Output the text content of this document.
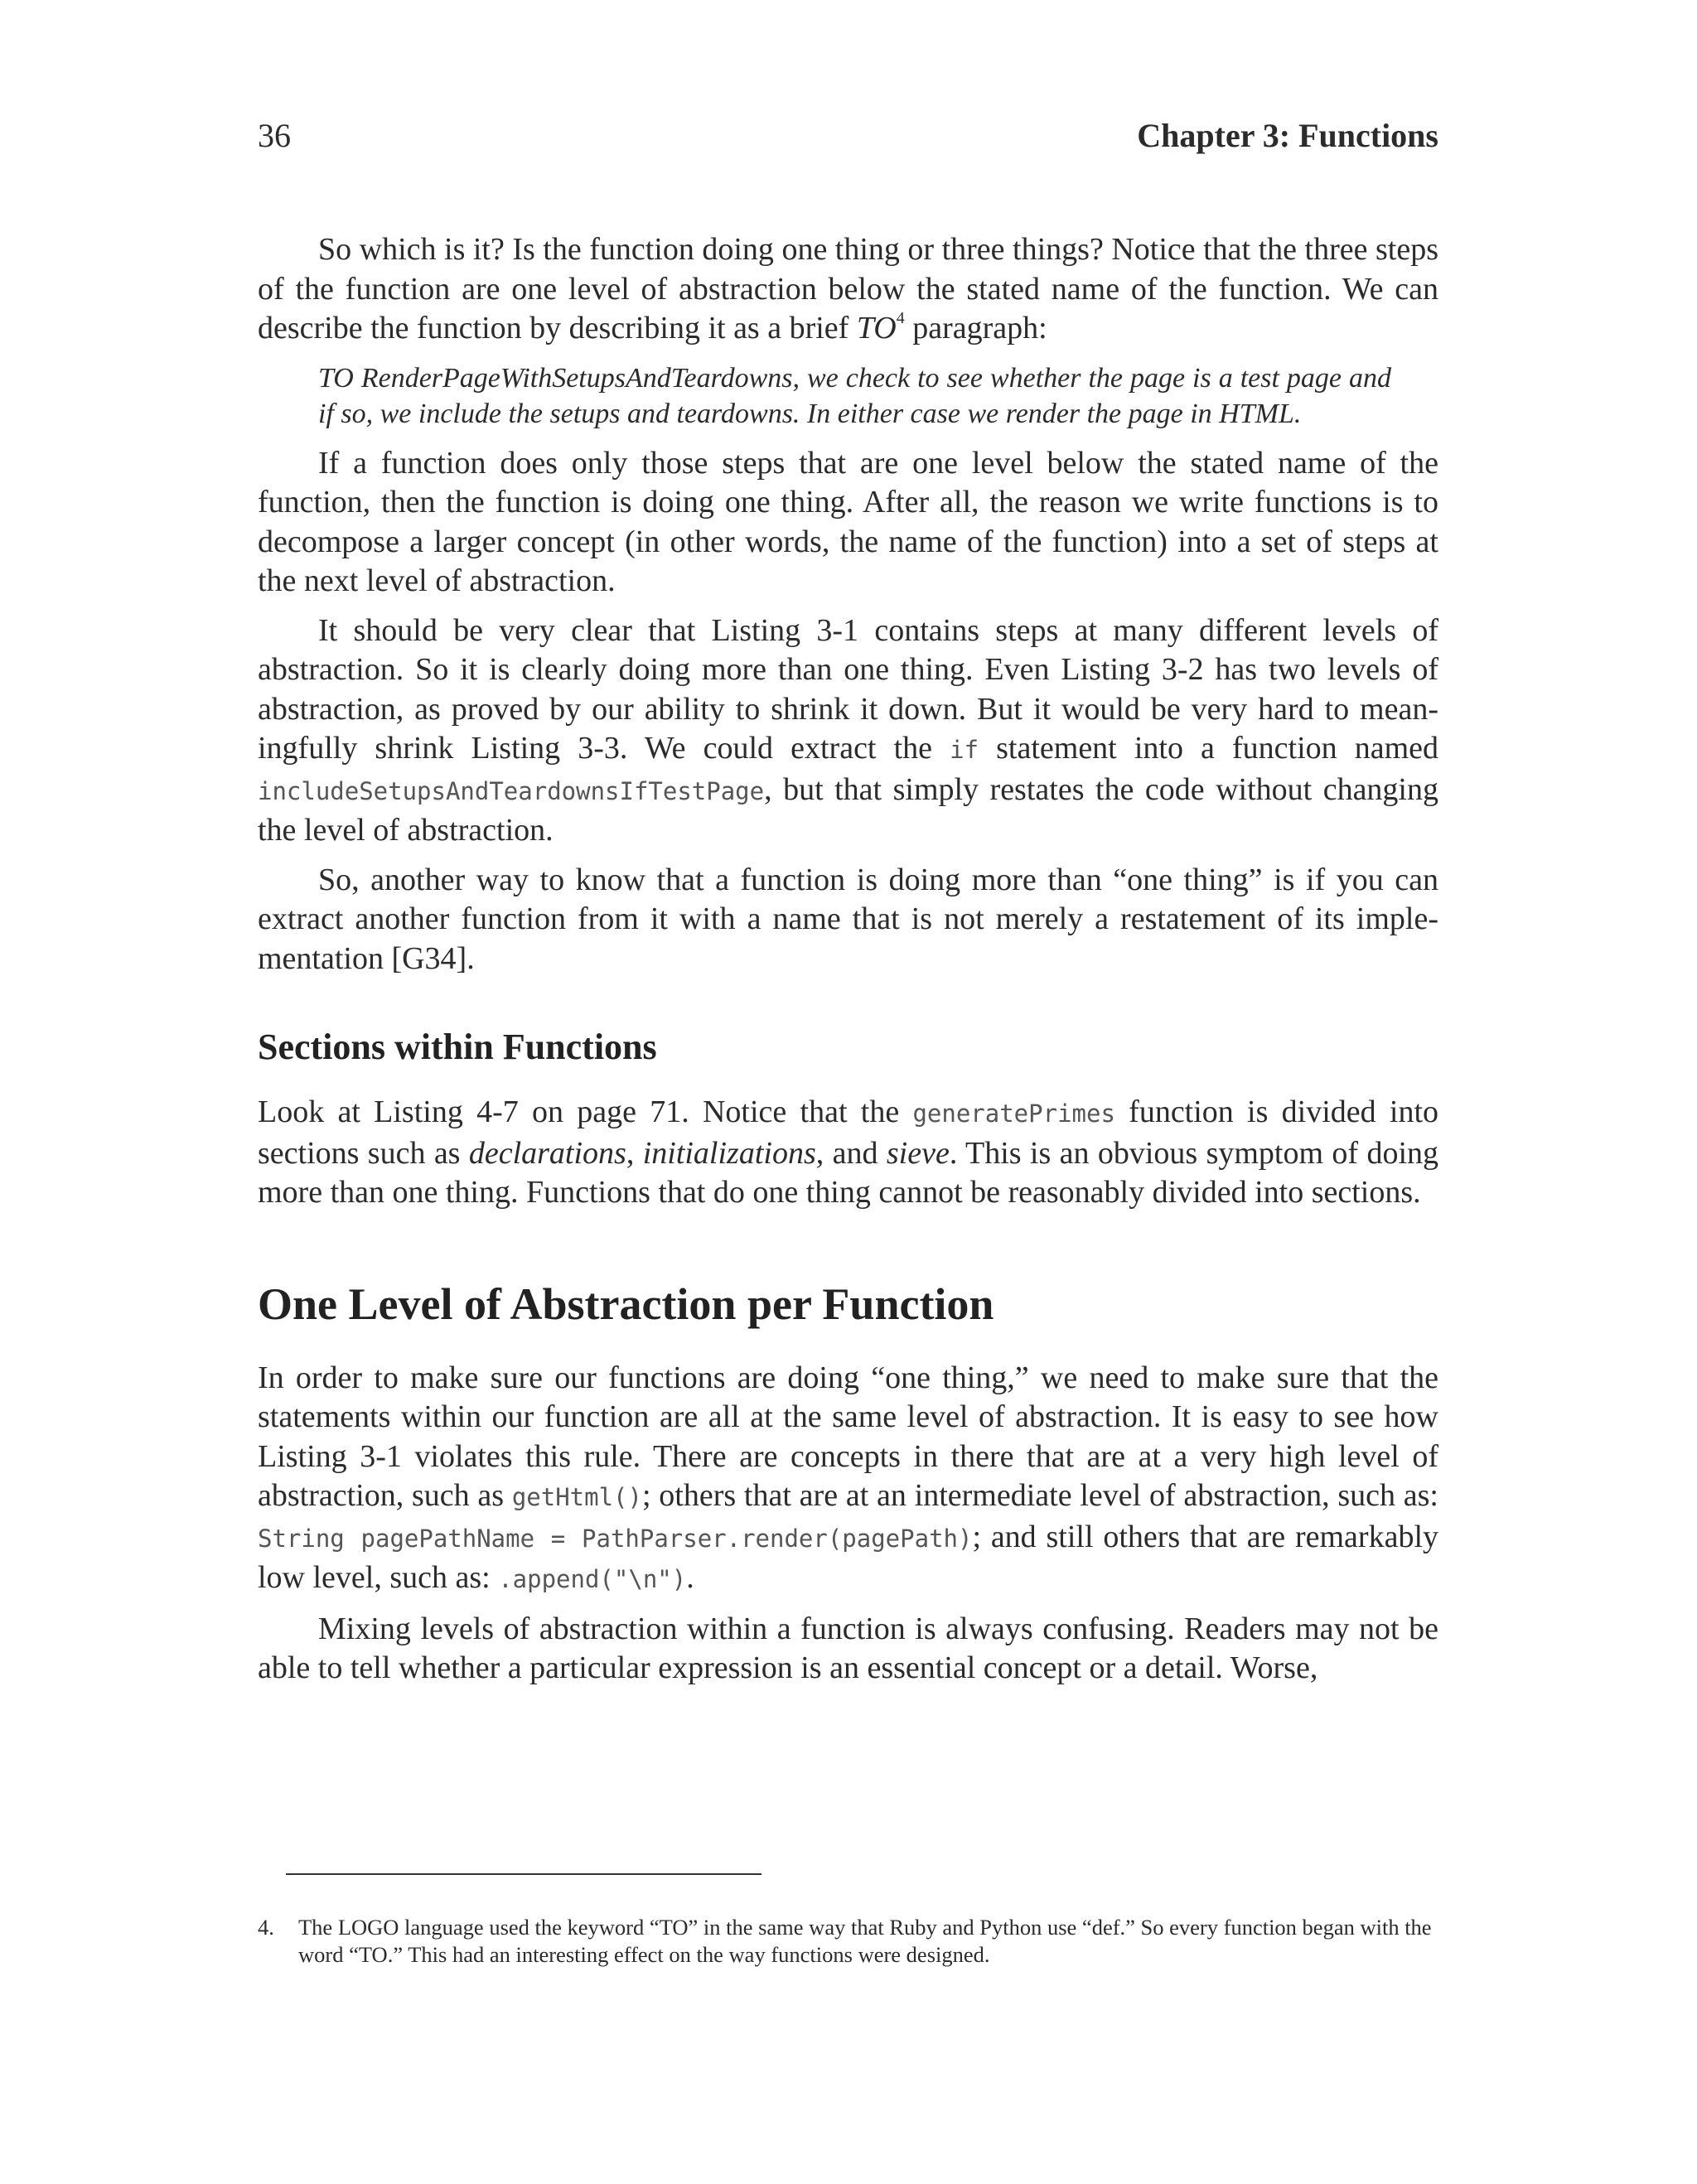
36	Chapter 3: Functions

So which is it? Is the function doing one thing or three things? Notice that the three steps of the function are one level of abstraction below the stated name of the function. We can describe the function by describing it as a brief $TO^4$ paragraph:

TO RenderPageWithSetupsAndTeardowns, we check to see whether the page is a test page and if so, we include the setups and teardowns. In either case we render the page in HTML.

If a function does only those steps that are one level below the stated name of the function, then the function is doing one thing. After all, the reason we write functions is to decompose a larger concept (in other words, the name of the function) into a set of steps at the next level of abstraction.

It should be very clear that Listing 3-1 contains steps at many different levels of abstraction. So it is clearly doing more than one thing. Even Listing 3-2 has two levels of abstraction, as proved by our ability to shrink it down. But it would be very hard to meaningfully shrink Listing 3-3. We could extract the if statement into a function named includeSetupsAndTeardownsIfTestPage, but that simply restates the code without changing the level of abstraction.

So, another way to know that a function is doing more than “one thing” is if you can extract another function from it with a name that is not merely a restatement of its implementation [G34].

Sections within Functions

Look at Listing 4-7 on page 71. Notice that the generatePrimes function is divided into sections such as declarations, initializations, and sieve. This is an obvious symptom of doing more than one thing. Functions that do one thing cannot be reasonably divided into sections.

One Level of Abstraction per Function

In order to make sure our functions are doing “one thing,” we need to make sure that the statements within our function are all at the same level of abstraction. It is easy to see how Listing 3-1 violates this rule. There are concepts in there that are at a very high level of abstraction, such as getHtml(); others that are at an intermediate level of abstraction, such as: String pagePathName = PathParser.render(pagePath); and still others that are remarkably low level, such as: .append("\n").

Mixing levels of abstraction within a function is always confusing. Readers may not be able to tell whether a particular expression is an essential concept or a detail. Worse,

4.	The LOGO language used the keyword “TO” in the same way that Ruby and Python use “def.” So every function began with the word “TO.” This had an interesting effect on the way functions were designed.
